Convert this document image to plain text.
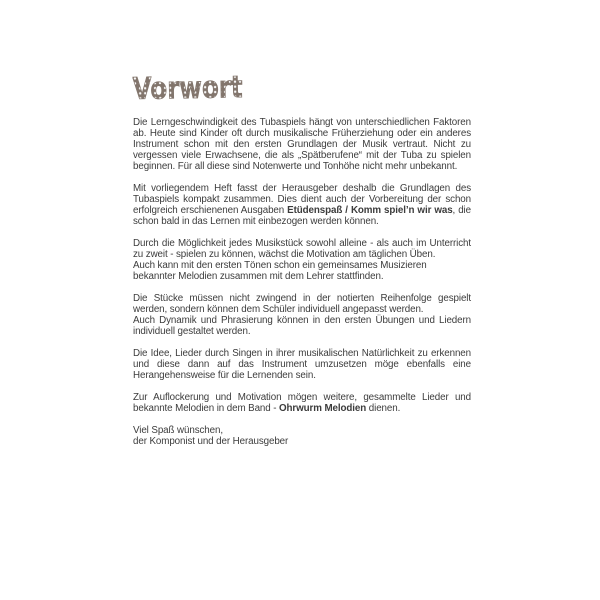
Vorwort
Die Lerngeschwindigkeit des Tubaspiels hängt von unterschiedlichen Faktoren ab. Heute sind Kinder oft durch musikalische Früherziehung oder ein anderes Instrument schon mit den ersten Grundlagen der Musik vertraut. Nicht zu vergessen viele Erwachsene, die als „Spätberufene“ mit der Tuba zu spielen beginnen. Für all diese sind Notenwerte und Tonhöhe nicht mehr unbekannt.
Mit vorliegendem Heft fasst der Herausgeber deshalb die Grundlagen des Tubaspiels kompakt zusammen. Dies dient auch der Vorbereitung der schon erfolgreich erschienenen Ausgaben Etüdenspaß / Komm spiel’n wir was, die schon bald in das Lernen mit einbezogen werden können.
Durch die Möglichkeit jedes Musikstück sowohl alleine - als auch im Unterricht zu zweit - spielen zu können, wächst die Motivation am täglichen Üben.
Auch kann mit den ersten Tönen schon ein gemeinsames Musizieren bekannter Melodien zusammen mit dem Lehrer stattfinden.
Die Stücke müssen nicht zwingend in der notierten Reihenfolge gespielt werden, sondern können dem Schüler individuell angepasst werden.
Auch Dynamik und Phrasierung können in den ersten Übungen und Liedern individuell gestaltet werden.
Die Idee, Lieder durch Singen in ihrer musikalischen Natürlichkeit zu erkennen und diese dann auf das Instrument umzusetzen möge ebenfalls eine Herangehensweise für die Lernenden sein.
Zur Auflockerung und Motivation mögen weitere, gesammelte Lieder und bekannte Melodien in dem Band - Ohrwurm Melodien dienen.
Viel Spaß wünschen,
der Komponist und der Herausgeber
